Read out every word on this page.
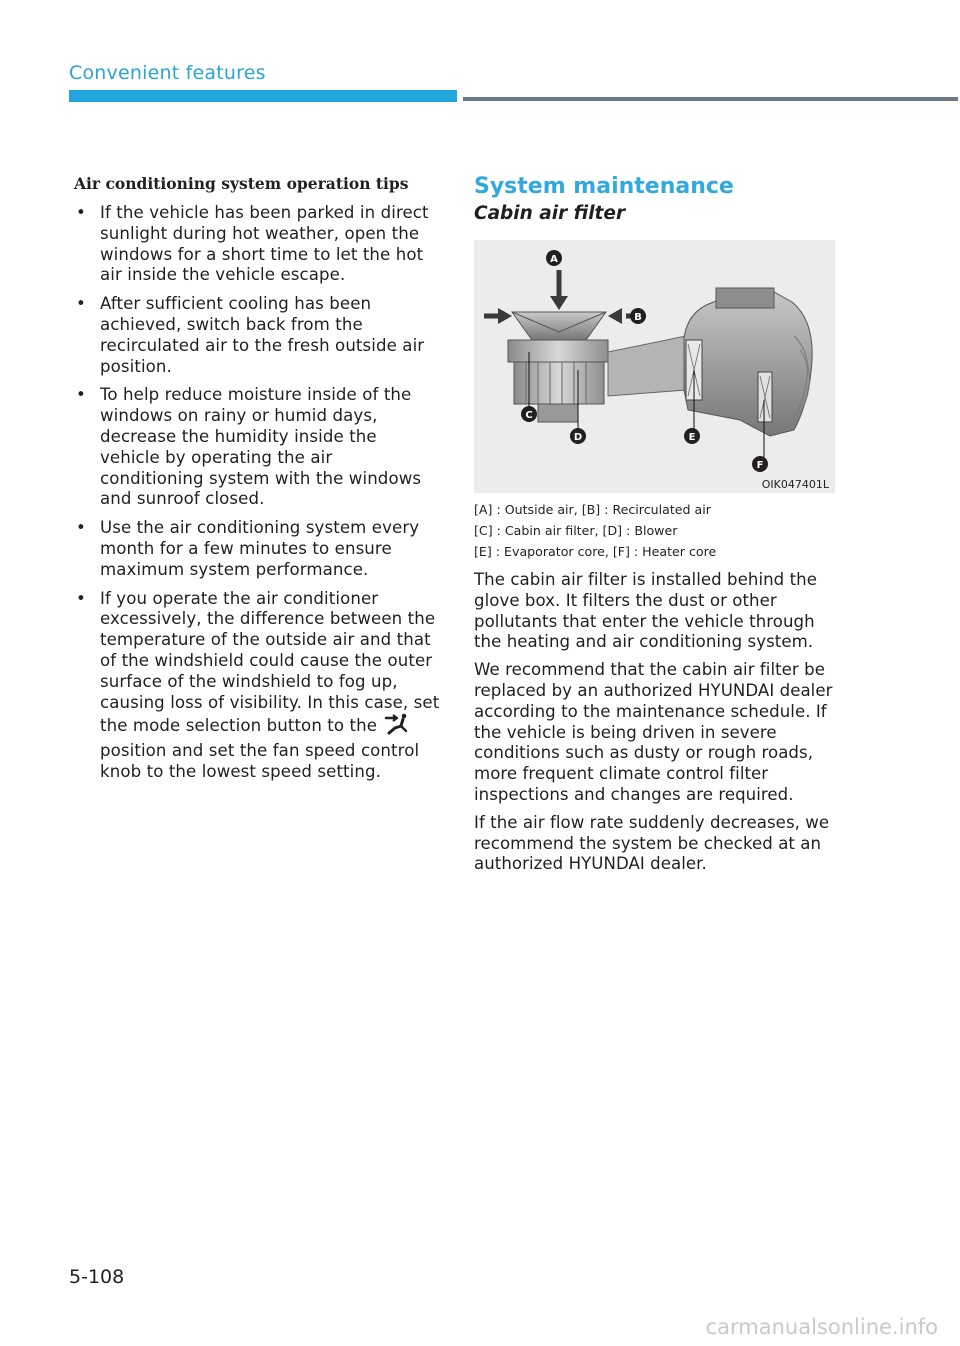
Convenient features
Air conditioning system operation tips
• If the vehicle has been parked in direct sunlight during hot weather, open the windows for a short time to let the hot air inside the vehicle escape.
• After sufficient cooling has been achieved, switch back from the recirculated air to the fresh outside air position.
• To help reduce moisture inside of the windows on rainy or humid days, decrease the humidity inside the vehicle by operating the air conditioning system with the windows and sunroof closed.
• Use the air conditioning system every month for a few minutes to ensure maximum system performance.
• If you operate the air conditioner excessively, the difference between the temperature of the outside air and that of the windshield could cause the outer surface of the windshield to fog up, causing loss of visibility. In this case, set the mode selection button to the  position and set the fan speed control knob to the lowest speed setting.
System maintenance
Cabin air filter
A
B
C
D	E
F
OIK047401L

[A] : Outside air, [B] : Recirculated air

[C] : Cabin air filter, [D] : Blower

[E] : Evaporator core, [F] : Heater core

The cabin air filter is installed behind the glove box. It filters the dust or other pollutants that enter the vehicle through the heating and air conditioning system.

We recommend that the cabin air filter be replaced by an authorized HYUNDAI dealer according to the maintenance schedule. If the vehicle is being driven in severe conditions such as dusty or rough roads, more frequent climate control filter inspections and changes are required.

If the air flow rate suddenly decreases, we recommend the system be checked at an authorized HYUNDAI dealer.

5-108
carmanualsonline.info
